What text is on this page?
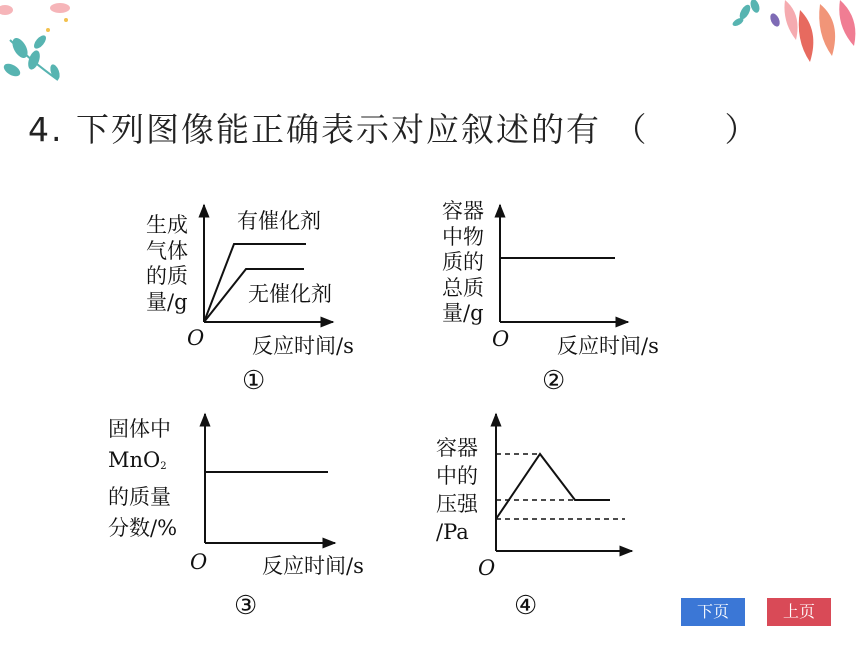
4. 下列图像能正确表示对应叙述的有 （ ）
生成
气体
的质
量/g
有催化剂
无催化剂
O 反应时间/s
①
容器
中物
质的
总质
量/g
O 反应时间/s
②
固体中
MnO$_2$
的质量
分数/%
O	反应时间/s
③
容器
中的
压强
/Pa
O
④	下页	上页
